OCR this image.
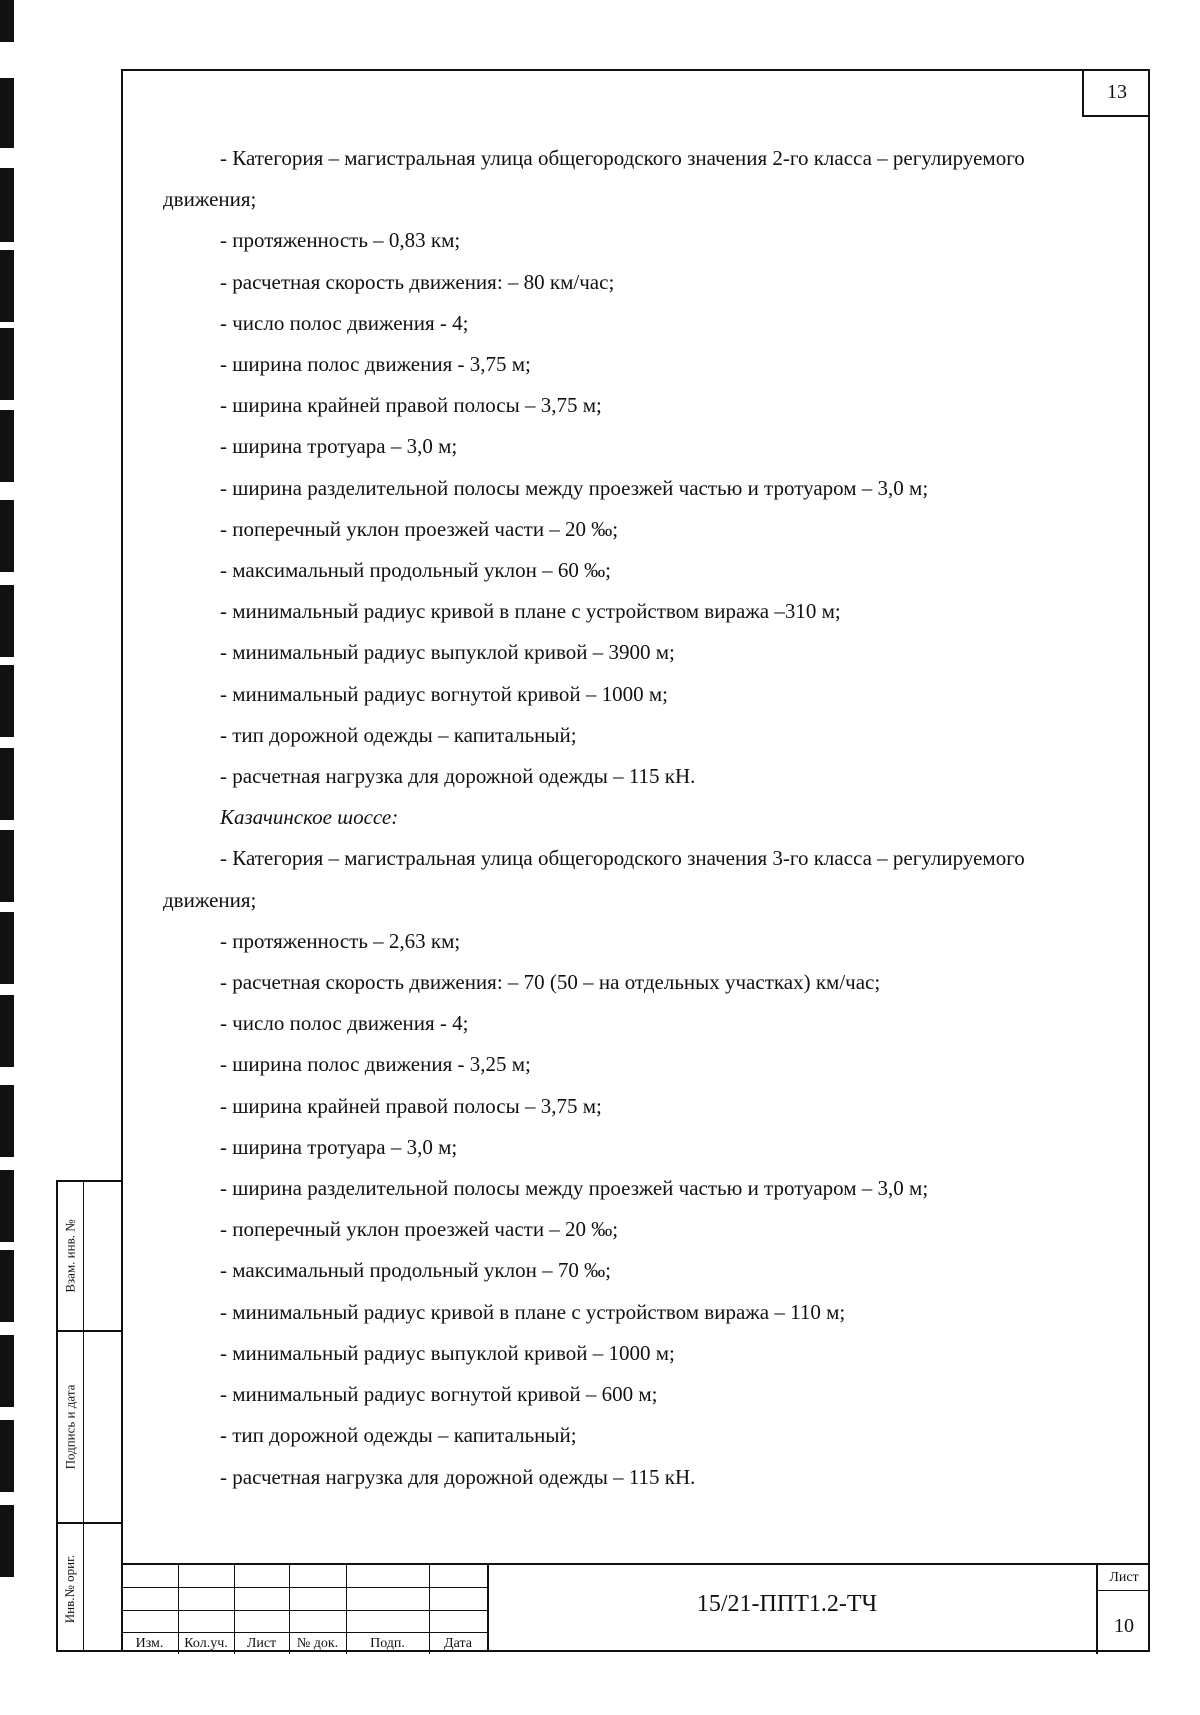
13

- Категория – магистральная улица общегородского значения 2-го класса – регулируемого

движения;

- протяженность – 0,83 км;

- расчетная скорость движения: – 80 км/час;

- число полос движения - 4;

- ширина полос движения - 3,75 м;

- ширина крайней правой полосы – 3,75 м;

- ширина тротуара – 3,0 м;

- ширина разделительной полосы между проезжей частью и тротуаром – 3,0 м;

- поперечный уклон проезжей части – 20 ‰;

- максимальный продольный уклон – 60 ‰;

- минимальный радиус кривой в плане с устройством виража –310 м;

- минимальный радиус выпуклой кривой – 3900 м;

- минимальный радиус вогнутой кривой – 1000 м;

- тип дорожной одежды – капитальный;

- расчетная нагрузка для дорожной одежды – 115 кН.

Казачинское шоссе:

- Категория – магистральная улица общегородского значения 3-го класса – регулируемого

движения;

- протяженность – 2,63 км;

- расчетная скорость движения: – 70 (50 – на отдельных участках) км/час;

- число полос движения - 4;

- ширина полос движения - 3,25 м;

- ширина крайней правой полосы – 3,75 м;

- ширина тротуара – 3,0 м;

- ширина разделительной полосы между проезжей частью и тротуаром – 3,0 м;

- поперечный уклон проезжей части – 20 ‰;

- максимальный продольный уклон – 70 ‰;

- минимальный радиус кривой в плане с устройством виража – 110 м;

- минимальный радиус выпуклой кривой – 1000 м;

- минимальный радиус вогнутой кривой – 600 м;

- тип дорожной одежды – капитальный;

- расчетная нагрузка для дорожной одежды – 115 кН.

Взам. инв. №
Подпись и дата
Инв.№ ориг.
Изм.	Кол.уч.	Лист	№ док.	Подп.	Дата
15/21-ППТ1.2-ТЧ
Лист
10
